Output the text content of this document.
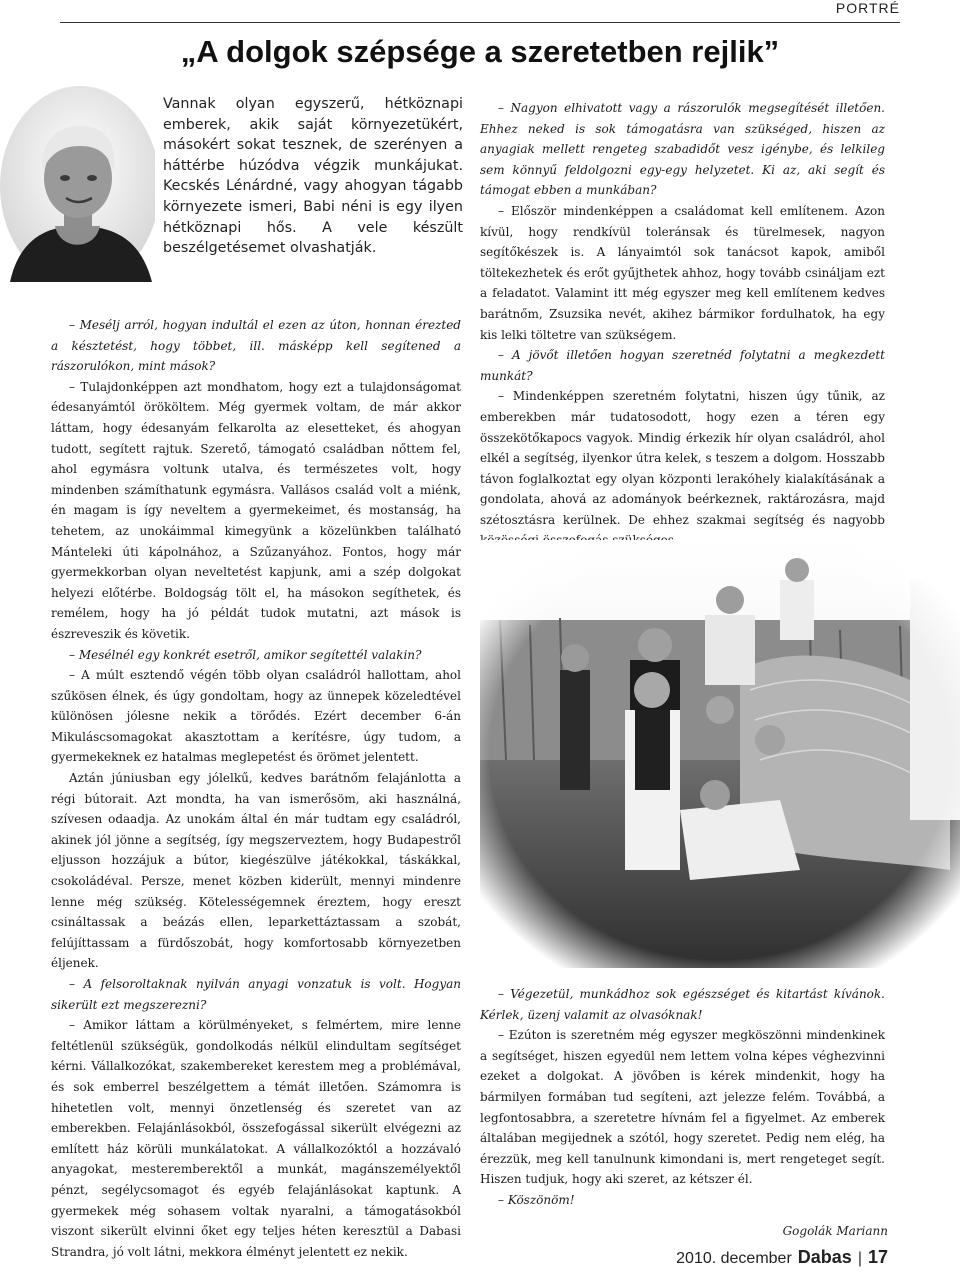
PORTRÉ
„A dolgok szépsége a szeretetben rejlik”

Vannak olyan egyszerű, hétköznapi emberek, akik saját környezetükért, másokért sokat tesznek, de szerényen a háttérbe húzódva végzik munkájukat. Kecskés Lénárdné, vagy ahogyan tágabb környezete ismeri, Babi néni is egy ilyen hétköznapi hős. A vele készült beszélgetésemet olvashatják.

– Mesélj arról, hogyan indultál el ezen az úton, honnan érezted a késztetést, hogy többet, ill. másképp kell segítened a rászorulókon, mint mások?

– Tulajdonképpen azt mondhatom, hogy ezt a tulajdonságomat édesanyámtól örököltem. Még gyermek voltam, de már akkor láttam, hogy édesanyám felkarolta az elesetteket, és ahogyan tudott, segített rajtuk. Szerető, támogató családban nőttem fel, ahol egymásra voltunk utalva, és természetes volt, hogy mindenben számíthatunk egymásra. Vallásos család volt a miénk, én magam is így neveltem a gyermekeimet, és mostanság, ha tehetem, az unokáimmal kimegyünk a közelünkben található Mánteleki úti kápolnához, a Szűzanyához. Fontos, hogy már gyermekkorban olyan neveltetést kapjunk, ami a szép dolgokat helyezi előtérbe. Boldogság tölt el, ha másokon segíthetek, és remélem, hogy ha jó példát tudok mutatni, azt mások is észreveszik és követik.

– Mesélnél egy konkrét esetről, amikor segítettél valakin?

– A múlt esztendő végén több olyan családról hallottam, ahol szűkösen élnek, és úgy gondoltam, hogy az ünnepek közeledtével különösen jólesne nekik a törődés. Ezért december 6-án Mikuláscsomagokat akasztottam a kerítésre, úgy tudom, a gyermekeknek ez hatalmas meglepetést és örömet jelentett.

Aztán júniusban egy jólelkű, kedves barátnőm felajánlotta a régi bútorait. Azt mondta, ha van ismerősöm, aki használná, szívesen odaadja. Az unokám által én már tudtam egy családról, akinek jól jönne a segítség, így megszerveztem, hogy Budapestről eljusson hozzájuk a bútor, kiegészülve játékokkal, táskákkal, csokoládéval. Persze, menet közben kiderült, mennyi mindenre lenne még szükség. Kötelességemnek éreztem, hogy ereszt csináltassak a beázás ellen, leparkettáztassam a szobát, felújíttassam a fürdőszobát, hogy komfortosabb környezetben éljenek.

– A felsoroltaknak nyilván anyagi vonzatuk is volt. Hogyan sikerült ezt megszerezni?

– Amikor láttam a körülményeket, s felmértem, mire lenne feltétlenül szükségük, gondolkodás nélkül elindultam segítséget kérni. Vállalkozókat, szakembereket kerestem meg a problémával, és sok emberrel beszélgettem a témát illetően. Számomra is hihetetlen volt, mennyi önzetlenség és szeretet van az emberekben. Felajánlásokból, összefogással sikerült elvégezni az említett ház körüli munkálatokat. A vállalkozóktól a hozzávaló anyagokat, mesteremberektől a munkát, magánszemélyektől pénzt, segélycsomagot és egyéb felajánlásokat kaptunk. A gyermekek még sohasem voltak nyaralni, a támogatásokból viszont sikerült elvinni őket egy teljes héten keresztül a Dabasi Strandra, jó volt látni, mekkora élményt jelentett ez nekik.

– Nagyon elhivatott vagy a rászorulók megsegítését illetően. Ehhez neked is sok támogatásra van szükséged, hiszen az anyagiak mellett rengeteg szabadidőt vesz igénybe, és lelkileg sem könnyű feldolgozni egy-egy helyzetet. Ki az, aki segít és támogat ebben a munkában?

– Először mindenképpen a családomat kell említenem. Azon kívül, hogy rendkívül toleránsak és türelmesek, nagyon segítőkészek is. A lányaimtól sok tanácsot kapok, amiből töltekezhetek és erőt gyűjthetek ahhoz, hogy tovább csináljam ezt a feladatot. Valamint itt még egyszer meg kell említenem kedves barátnőm, Zsuzsika nevét, akihez bármikor fordulhatok, ha egy kis lelki töltetre van szükségem.

– A jövőt illetően hogyan szeretnéd folytatni a megkezdett munkát?

– Mindenképpen szeretném folytatni, hiszen úgy tűnik, az emberekben már tudatosodott, hogy ezen a téren egy összekötőkapocs vagyok. Mindig érkezik hír olyan családról, ahol elkél a segítség, ilyenkor útra kelek, s teszem a dolgom. Hosszabb távon foglalkoztat egy olyan központi lerakóhely kialakításának a gondolata, ahová az adományok beérkeznek, raktározásra, majd szétosztásra kerülnek. De ehhez szakmai segítség és nagyobb

– Végezetül, munkádhoz sok egészséget és kitartást kívánok. Kérlek, üzenj valamit az olvasóknak!

– Ezúton is szeretném még egyszer megköszönni mindenkinek a segítséget, hiszen egyedül nem lettem volna képes véghezvinni ezeket a dolgokat. A jövőben is kérek mindenkit, hogy ha bármilyen formában tud segíteni, azt jelezze felém. Továbbá, a legfontosabbra, a szeretetre hívnám fel a figyelmet. Az emberek általában megijednek a szótól, hogy szeretet. Pedig nem elég, ha érezzük, meg kell tanulnunk kimondani is, mert rengeteget segít. Hiszen tudjuk, hogy aki szeret, az kétszer él.

– Köszönöm!

Gogolák Mariann
2010. december Dabas | 17
